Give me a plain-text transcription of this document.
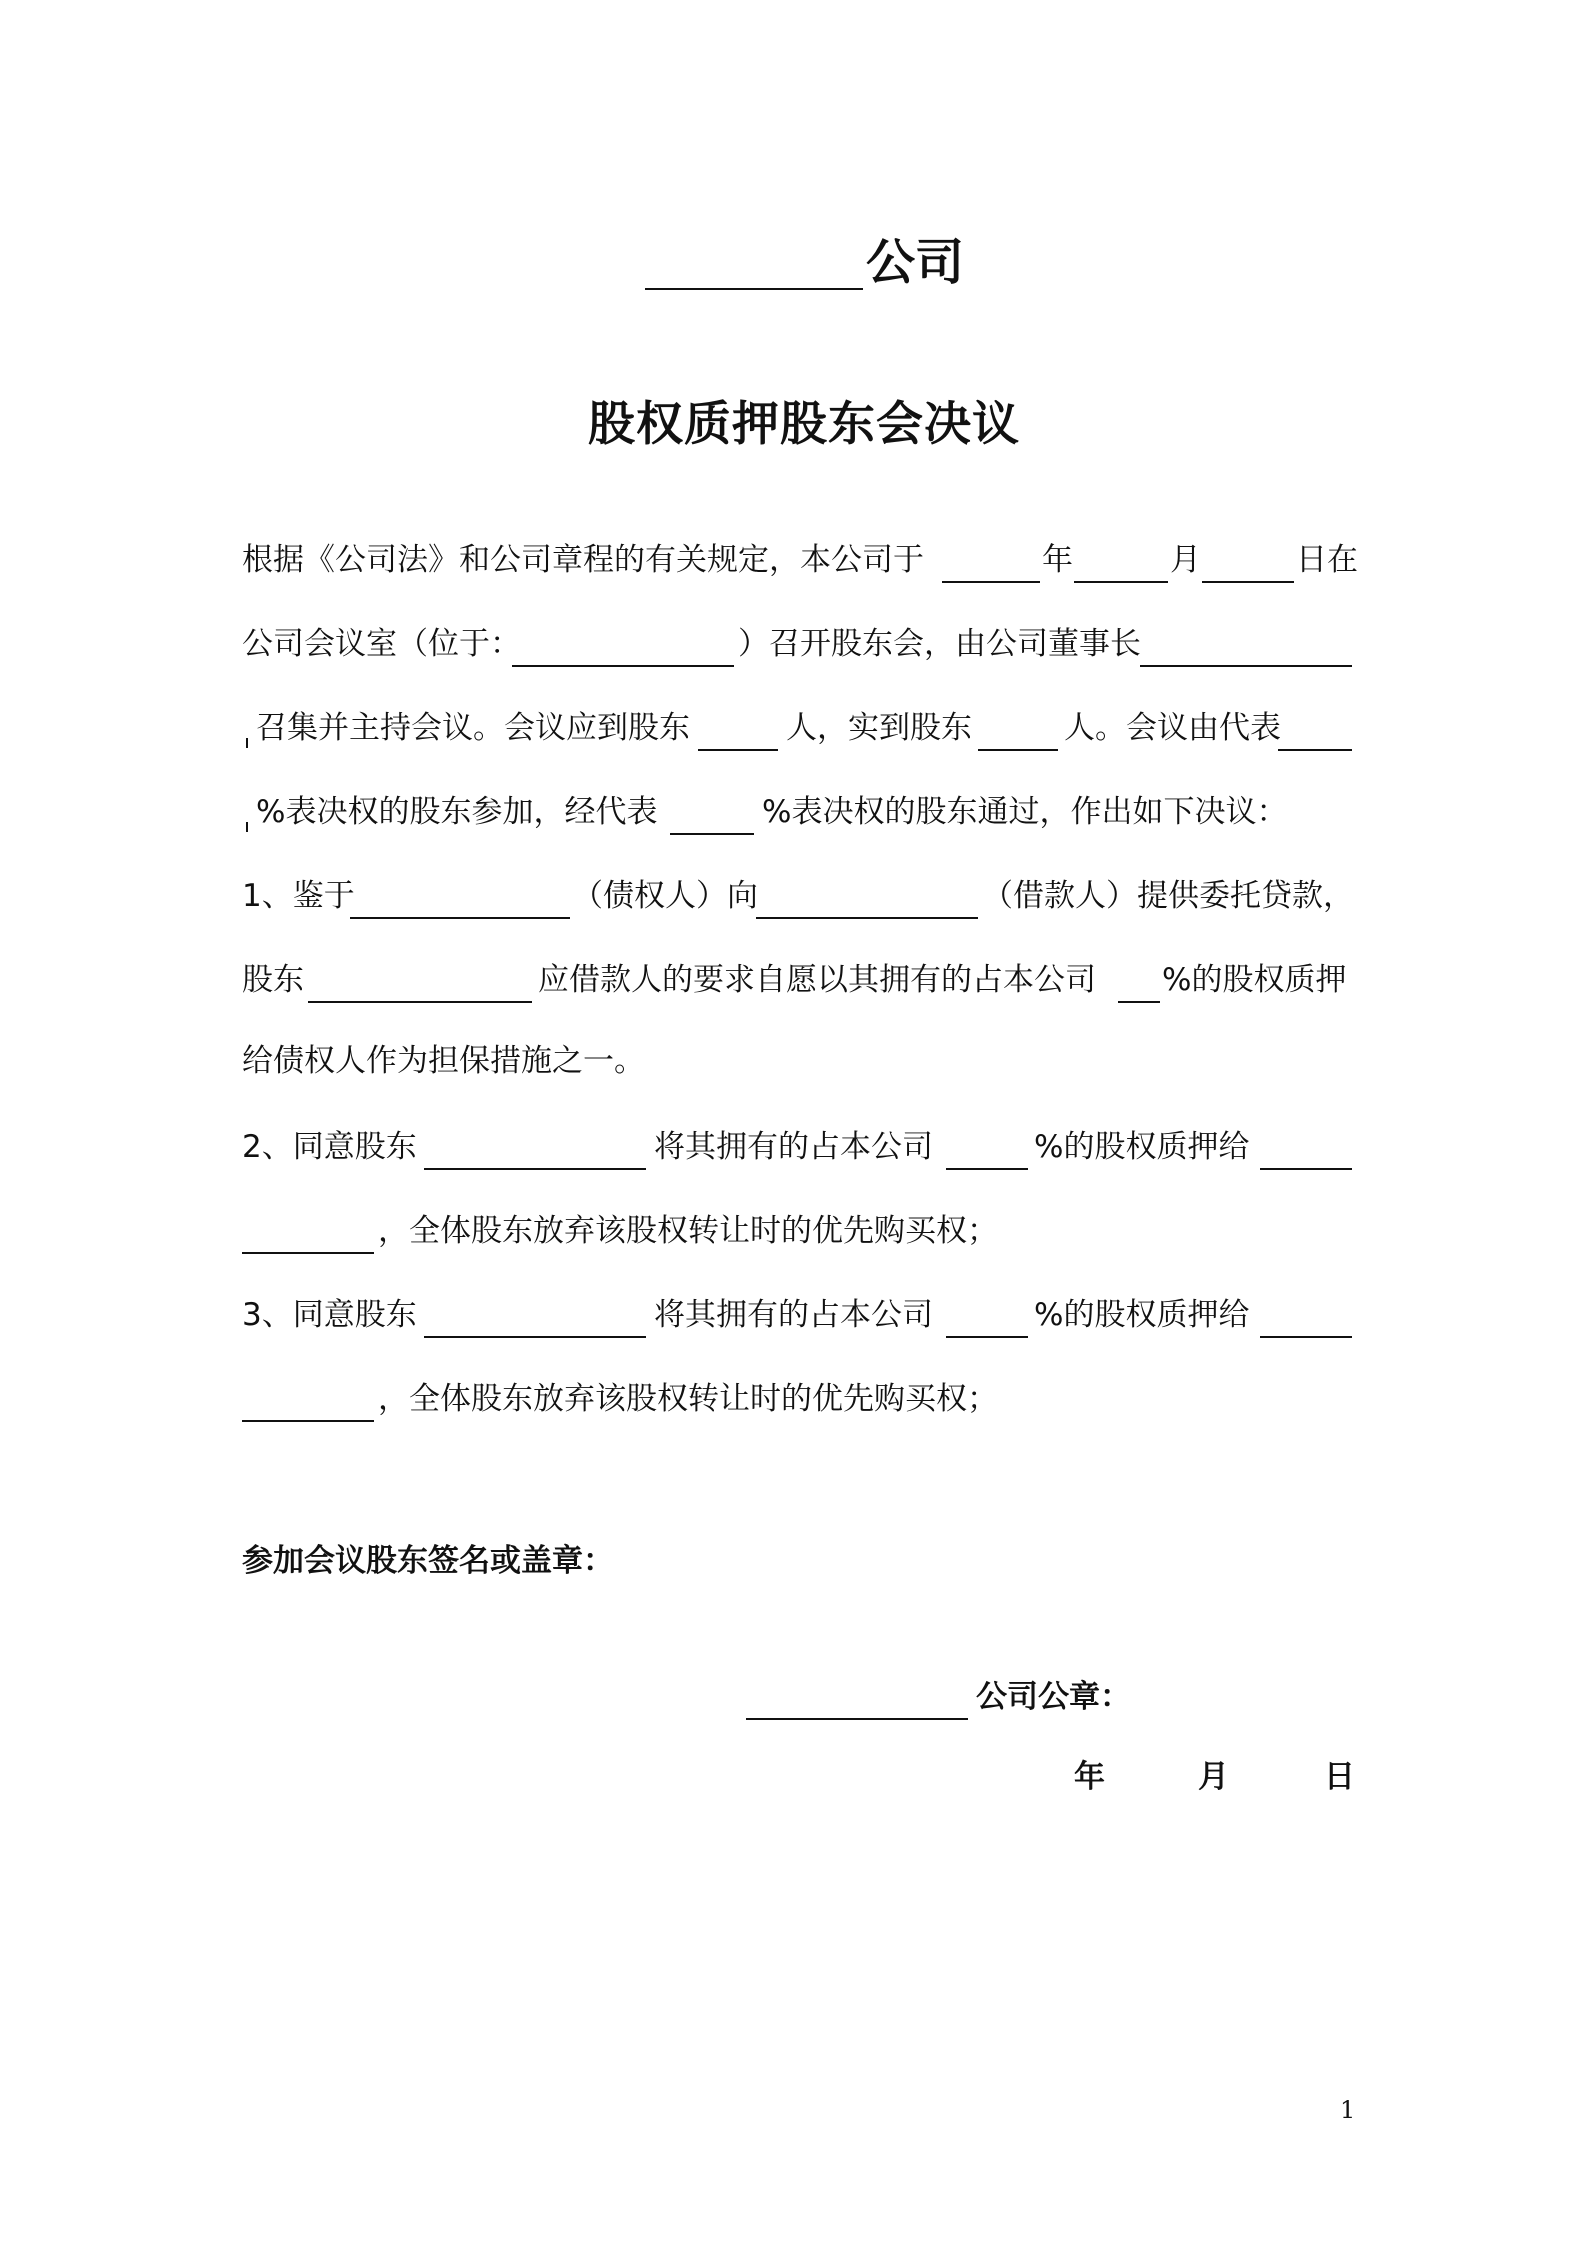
公司
股权质押股东会决议
根据《公司法》和公司章程的有关规定，本公司于	年	月	日在
公司会议室（位于：	）召开股东会，由公司董事长
召集并主持会议。会议应到股东	人，实到股东	人。会议由代表
%表决权的股东参加，经代表	%表决权的股东通过，作出如下决议：
1、鉴于	（债权人）向	（借款人）提供委托贷款，
股东	应借款人的要求自愿以其拥有的占本公司 %的股权质押
给债权人作为担保措施之一。
2、同意股东	将其拥有的占本公司	%的股权质押给
，全体股东放弃该股权转让时的优先购买权；
3、同意股东	将其拥有的占本公司	%的股权质押给
，全体股东放弃该股权转让时的优先购买权；
参加会议股东签名或盖章：
公司公章：
年	月	日
1
